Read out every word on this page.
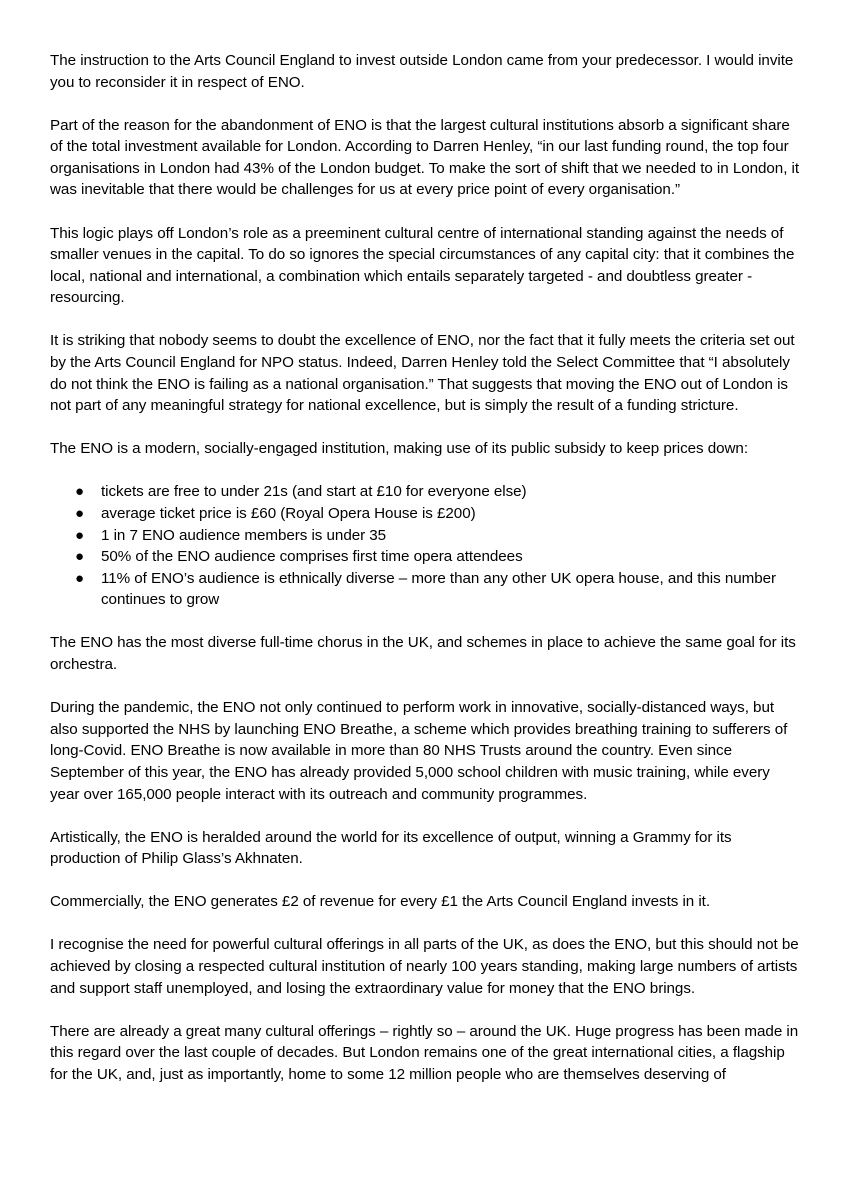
The instruction to the Arts Council England to invest outside London came from your predecessor. I would invite you to reconsider it in respect of ENO.

Part of the reason for the abandonment of ENO is that the largest cultural institutions absorb a significant share of the total investment available for London. According to Darren Henley, “in our last funding round, the top four organisations in London had 43% of the London budget. To make the sort of shift that we needed to in London, it was inevitable that there would be challenges for us at every price point of every organisation.”

This logic plays off London’s role as a preeminent cultural centre of international standing against the needs of smaller venues in the capital. To do so ignores the special circumstances of any capital city: that it combines the local, national and international, a combination which entails separately targeted - and doubtless greater - resourcing.

It is striking that nobody seems to doubt the excellence of ENO, nor the fact that it fully meets the criteria set out by the Arts Council England for NPO status. Indeed, Darren Henley told the Select Committee that “I absolutely do not think the ENO is failing as a national organisation.” That suggests that moving the ENO out of London is not part of any meaningful strategy for national excellence, but is simply the result of a funding stricture.

The ENO is a modern, socially-engaged institution, making use of its public subsidy to keep prices down:

● tickets are free to under 21s (and start at £10 for everyone else)
● average ticket price is £60 (Royal Opera House is £200)
● 1 in 7 ENO audience members is under 35
● 50% of the ENO audience comprises first time opera attendees
● 11% of ENO’s audience is ethnically diverse – more than any other UK opera house, and this number continues to grow

The ENO has the most diverse full-time chorus in the UK, and schemes in place to achieve the same goal for its orchestra.

During the pandemic, the ENO not only continued to perform work in innovative, socially-distanced ways, but also supported the NHS by launching ENO Breathe, a scheme which provides breathing training to sufferers of long-Covid. ENO Breathe is now available in more than 80 NHS Trusts around the country. Even since September of this year, the ENO has already provided 5,000 school children with music training, while every year over 165,000 people interact with its outreach and community programmes.

Artistically, the ENO is heralded around the world for its excellence of output, winning a Grammy for its production of Philip Glass’s Akhnaten.

Commercially, the ENO generates £2 of revenue for every £1 the Arts Council England invests in it.

I recognise the need for powerful cultural offerings in all parts of the UK, as does the ENO, but this should not be achieved by closing a respected cultural institution of nearly 100 years standing, making large numbers of artists and support staff unemployed, and losing the extraordinary value for money that the ENO brings.

There are already a great many cultural offerings – rightly so – around the UK. Huge progress has been made in this regard over the last couple of decades. But London remains one of the great international cities, a flagship for the UK, and, just as importantly, home to some 12 million people who are themselves deserving of
